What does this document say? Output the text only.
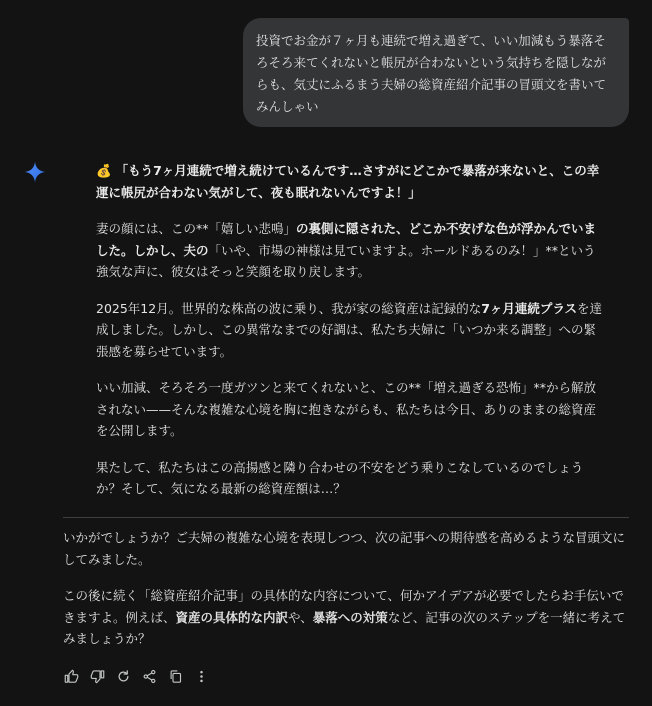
投資でお金が７ヶ月も連続で増え過ぎて、いい加減もう暴落そろそろ来てくれないと帳尻が合わないという気持ちを隠しながらも、気丈にふるまう夫婦の総資産紹介記事の冒頭文を書いてみんしゃい

💰 「もう7ヶ月連続で増え続けているんです…さすがにどこかで暴落が来ないと、この幸運に帳尻が合わない気がして、夜も眠れないんですよ！」

妻の顔には、この**「嬉しい悲鳴」の裏側に隠された、どこか不安げな色が浮かんでいました。しかし、夫の「いや、市場の神様は見ていますよ。ホールドあるのみ！」**という強気な声に、彼女はそっと笑顔を取り戻します。

2025年12月。世界的な株高の波に乗り、我が家の総資産は記録的な7ヶ月連続プラスを達成しました。しかし、この異常なまでの好調は、私たち夫婦に「いつか来る調整」への緊張感を募らせています。

いい加減、そろそろ一度ガツンと来てくれないと、この**「増え過ぎる恐怖」**から解放されない——そんな複雑な心境を胸に抱きながらも、私たちは今日、ありのままの総資産を公開します。

果たして、私たちはこの高揚感と隣り合わせの不安をどう乗りこなしているのでしょうか？そして、気になる最新の総資産額は…？

いかがでしょうか？ご夫婦の複雑な心境を表現しつつ、次の記事への期待感を高めるような冒頭文にしてみました。

この後に続く「総資産紹介記事」の具体的な内容について、何かアイデアが必要でしたらお手伝いできますよ。例えば、資産の具体的な内訳や、暴落への対策など、記事の次のステップを一緒に考えてみましょうか？
